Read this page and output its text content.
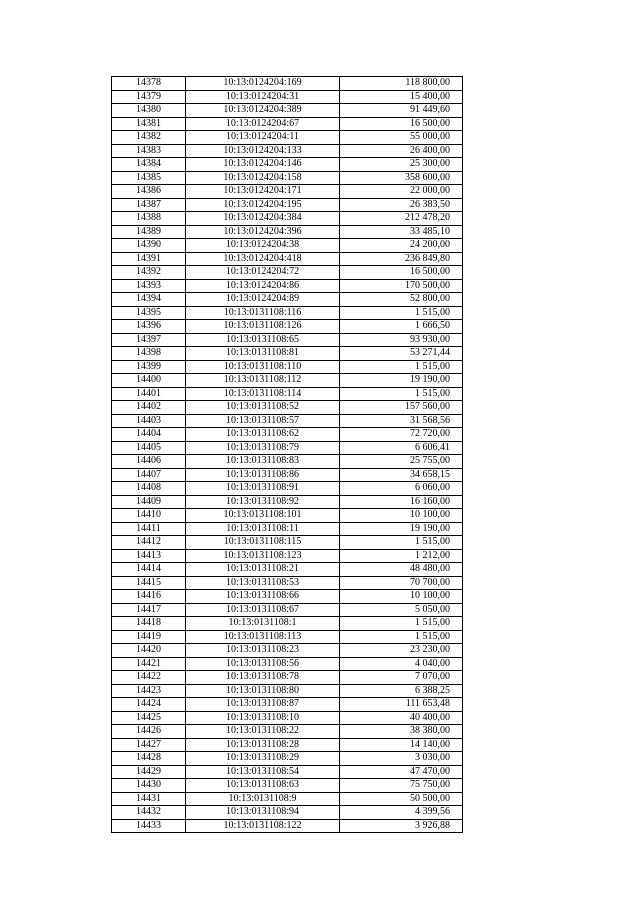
14378	10:13:0124204:169	118 800,00
14379	10:13:0124204:31	15 400,00
14380	10:13:0124204:389	91 449,60
14381	10:13:0124204:67	16 500,00
14382	10:13:0124204:11	55 000,00
14383	10:13:0124204:133	26 400,00
14384	10:13:0124204:146	25 300,00
14385	10:13:0124204:158	358 600,00
14386	10:13:0124204:171	22 000,00
14387	10:13:0124204:195	26 383,50
14388	10:13:0124204:384	212 478,20
14389	10:13:0124204:396	33 485,10
14390	10:13:0124204:38	24 200,00
14391	10:13:0124204:418	236 849,80
14392	10:13:0124204:72	16 500,00
14393	10:13:0124204:86	170 500,00
14394	10:13:0124204:89	52 800,00
14395	10:13:0131108:116	1 515,00
14396	10:13:0131108:126	1 666,50
14397	10:13:0131108:65	93 930,00
14398	10:13:0131108:81	53 271,44
14399	10:13:0131108:110	1 515,00
14400	10:13:0131108:112	19 190,00
14401	10:13:0131108:114	1 515,00
14402	10:13:0131108:52	157 560,00
14403	10:13:0131108:57	31 568,56
14404	10:13:0131108:62	72 720,00
14405	10:13:0131108:79	6 606,41
14406	10:13:0131108:83	25 755,00
14407	10:13:0131108:86	34 658,15
14408	10:13:0131108:91	6 060,00
14409	10:13:0131108:92	16 160,00
14410	10:13:0131108:101	10 100,00
14411	10:13:0131108:11	19 190,00
14412	10:13:0131108:115	1 515,00
14413	10:13:0131108:123	1 212,00
14414	10:13:0131108:21	48 480,00
14415	10:13:0131108:53	70 700,00
14416	10:13:0131108:66	10 100,00
14417	10:13:0131108:67	5 050,00
14418	10:13:0131108:1	1 515,00
14419	10:13:0131108:113	1 515,00
14420	10:13:0131108:23	23 230,00
14421	10:13:0131108:56	4 040,00
14422	10:13:0131108:78	7 070,00
14423	10:13:0131108:80	6 388,25
14424	10:13:0131108:87	111 653,48
14425	10:13:0131108:10	40 400,00
14426	10:13:0131108:22	38 380,00
14427	10:13:0131108:28	14 140,00
14428	10:13:0131108:29	3 030,00
14429	10:13:0131108:54	47 470,00
14430	10:13:0131108:63	75 750,00
14431	10:13:0131108:9	50 500,00
14432	10:13:0131108:94	4 399,56
14433	10:13:0131108:122	3 926,88
